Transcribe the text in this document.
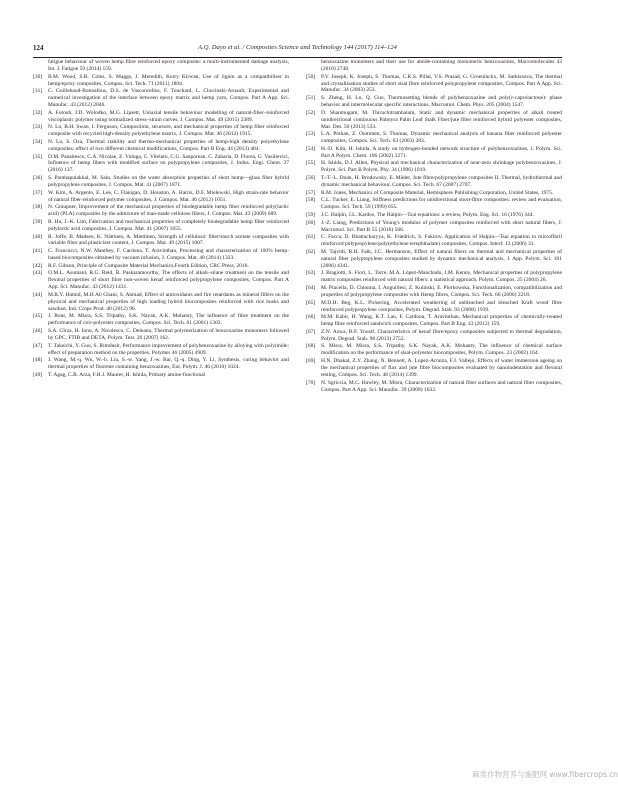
124	A.Q. Dayo et al. / Composites Science and Technology 144 (2017) 114–124
fatigue behaviour of woven hemp fibre reinforced epoxy composite: a multi-instrumented damage analysis, Int. J. Fatigue 59 (2014) 159.
[30]	B.M. Wood, S.R. Coles, S. Maggs, J. Meredith, Kerry Kirwan, Use of lignin as a compatibiliser in hemp/epoxy composites, Compos. Sci. Tech. 71 (2011) 1804.
[31]	C. Guillebaud-Bonnafous, D.S. de Vasconcellos, F. Touchard, L. Chocinski-Arnault, Experimental and numerical investigation of the interface between epoxy matrix and hemp yarn, Compos. Part A App. Sci. Manufac. 43 (2012) 2046.
[32]	A. Fotouh, J.D. Wolodko, M.G. Lipsett, Uniaxial tensile behaviour modelling of natural-fiber–reinforced viscoplastic polymer using normalized stress–strain curves, J. Compos. Mat. 49 (2015) 2389.
[33]	N. Lu, R.H. Swan, I. Ferguson, Composition, structure, and mechanical properties of hemp fiber reinforced composite with recycled high-density polyethylene matrix, J. Compos. Mat. 46 (2012) 1915.
[34]	N. Lu, S. Oza, Thermal stability and thermo-mechanical properties of hemp-high density polyethylene composites: effect of two different chemical modifications, Compos. Part B Eng. 44 (2013) 484.
[35]	D.M. Panaitescu, C.A. Nicolae, Z. Vuluga, C. Vitelaru, C.G. Sanporean, C. Zaharia, D. Florea, G. Vasilievici, Influence of hemp fibers with modified surface on polypropylene composites, J. Indus. Engi. Chem. 37 (2016) 137.
[36]	S. Panthapulakkal, M. Sain, Studies on the water absorption properties of short hemp—glass fiber hybrid polypropylene composites, J. Compos. Mat. 41 (2007) 1871.
[37]	W. Kim, A. Argento, E. Lee, C. Flanigan, D. Houston, A. Harris, D.F. Mielewski, High strain-rate behavior of natural fiber-reinforced polymer composites, J. Compos. Mat. 46 (2012) 1051.
[38]	N. Graupner, Improvement of the mechanical properties of biodegradable hemp fiber reinforced poly(lactic acid) (PLA) composites by the admixture of man-made cellulose fibers, J. Compos. Mat. 43 (2009) 689.
[39]	R. Hu, J.-K. Lim, Fabrication and mechanical properties of completely biodegradable hemp fiber reinforced polylactic acid composites, J. Compos. Mat. 41 (2007) 1655.
[40]	R. Joffe, B. Madsen, K. Nättinen, A. Miettinen, Strength of cellulosic fiber/starch acetate composites with variable fiber and plasticizer content, J. Compos. Mat. 49 (2015) 1007.
[41]	C. Francucci, N.W. Manthey, F. Cardona, T. Aravinthan, Processing and characterization of 100% hemp-based biocomposites obtained by vacuum infusion, J. Compos. Mat. 48 (2014) 1323.
[42]	R.F. Gibson, Principle of Composite Material Mechanics,Fourth Edition, CRC Press, 2016.
[43]	O.M.L. Asumani, R.G. Reid, R. Paskaramoorthy, The effects of alkali–silane treatment on the tensile and flexural properties of short fibre non-woven kenaf reinforced polypropylene composites, Compos. Part A App. Sci. Manufac. 43 (2012) 1431.
[44]	M.R.Y. Hamid, M.H Ab Ghani, S. Ahmad, Effect of antioxidants and fire retardants as mineral fillers on the physical and mechanical properties of high loading hybrid biocomposites reinforced with rice husks and sawdust, Ind. Crops Prod. 40 (2012) 96.
[45]	J. Rout, M. Misra, S.S. Tripathy, S.K. Nayak, A.K. Mohanty, The influence of fibre treatment on the performance of coir-polyester composites, Compos. Sci. Tech. 61 (2001) 1303.
[46]	S.A. Gîrza, H. Ionu, A. Nicolescu, C. Deleanu, Thermal polymerization of benzoxazine monomers followed by GPC, FTIR and DETA, Polym. Test. 26 (2007) 162.
[47]	T. Takeichi, Y. Guo, S. Rimdusit, Performance improvement of polybenzoxazine by alloying with polyimide: effect of preparation method on the properties, Polymer 46 (2005) 4909.
[48]	J. Wang, M.-q. Wu, W.-b. Liu, S.-w. Yang, J.-w. Bai, Q.-q. Ding, Y. Li, Synthesis, curing behavior and thermal properties of fluorene containing benzoxazines, Eur. Polym. J. 46 (2010) 1024.
[49]	T. Agag, C.R. Arza, F.H.J. Maurer, H. Ishida, Primary amine-functional
benzoxazine monomers and their use for amide-containing monomeric benzoxazines, Macromolecules 43 (2010) 2748.
[50]	P.V. Joseph, K. Joseph, S. Thomas, C.K.S. Pillai, V.S. Prasad, G. Groeninckx, M. Sarkissova, The thermal and crystallisation studies of short sisal fibre reinforced polypropylene composites, Compos. Part A App. Sci. Manufac. 34 (2003) 253.
[51]	S. Zheng, H. Lu, Q. Guo, Thermosetting blends of polybenzoxazine and poly(ε-caprolactone): phase behavior and intermolecular specific interactions, Macromol. Chem. Phys. 205 (2004) 1547.
[52]	D. Shanmugam, M. Thiruchitrambalam, Static and dynamic mechanical properties of alkali treated unidirectional continuous Palmyra Palm Leaf Stalk Fiber/jute fiber reinforced hybrid polyester composites, Mat. Des. 50 (2013) 533.
[53]	L.A. Pothan, Z. Oommen, S. Thomas, Dynamic mechanical analysis of banana fiber reinforced polyester composites, Compos. Sci. Tech. 63 (2003) 283.
[54]	H.-D. Kim, H. Ishida, A study on hydrogen-bonded network structure of polybenzoxazines, J. Polym. Sci. Part A Polym. Chem. 106 (2002) 3271.
[55]	H. Ishida, D.J. Allen, Physical and mechanical characterization of near-zero shrinkage polybenzoxazines, J. Polym. Sci. Part B Polym. Phy. 34 (1996) 1019.
[56]	T.-T.-L. Doan, H. Brodowsky, E. Mäder, Jute fibre/polypropylene composites II. Thermal, hydrothermal and dynamic mechanical behaviour, Compos. Sci. Tech. 67 (2007) 2707.
[57]	R.M. Jones, Mechanics of Composite Material, Hemisphere Publishing Corporation, United States, 1975.
[58]	C.L. Tucker, E. Liang, Stiffness predictions for unidirectional short-fibre composites: review and evaluation, Compos. Sci. Tech. 59 (1999) 655.
[59]	J.C. Halpin, J.L. Kardos, The Halpin—Tsai equations: a review, Polym. Eng. Sci. 16 (1976) 344.
[60]	J.-Z. Liang, Predictions of Young's modulus of polymer composites reinforced with short natural fibers, J. Macromol. Sci. Part B 55 (2016) 566.
[61]	C. Facca, D. Bhattacharyya, K. Friedrich, S. Fakirov, Application of Halpin—Tsai equation to microfibril reinforced polypropylene/poly(ethylene terephthalate) composites, Compos. Interf. 13 (2006) 31.
[62]	M. Tajvidi, R.H. Falk, J.C. Hermanson, Effect of natural fibers on thermal and mechanical properties of natural fiber polypropylene composites studied by dynamic mechanical analysis, J. App. Polym. Sci. 101 (2006) 4341.
[63]	J. Biagiotti, S. Fiori, L. Torre, M.A. López-Manchado, J.M. Kenny, Mechanical properties of polypropylene matrix composites reinforced with natural fibers: a statistical approach, Polym. Compos. 25 (2004) 26.
[64]	M. Pracella, D. Chionna, I. Anguillesi, Z. Kulinski, E. Piorkowska, Functionalization, compatibilization and properties of polypropylene composites with Hemp fibres, Compos. Sci. Tech. 66 (2006) 2218.
[65]	M.D.H. Beg, K.L. Pickering, Accelerated weathering of unbleached and bleached Kraft wood fibre reinforced polypropylene composites, Polym. Degrad. Stab. 93 (2008) 1939.
[66]	M.M. Kabir, H. Wang, K.T. Lau, F. Cardona, T. Aravinthan, Mechanical properties of chemically-treated hemp fibre reinforced sandwich composites, Compos. Part B Eng. 43 (2012) 159.
[67]	Z.N. Azwa, B.F. Yousif, Characteristics of kenaf fibre/epoxy composites subjected to thermal degradation, Polym. Degrad. Stab. 98 (2013) 2752.
[68]	S. Misra, M. Misra, S.S. Tripathy, S.K. Nayak, A.K. Mohanty, The influence of chemical surface modification on the performance of sisal-polyester biocomposites, Polym. Compos. 23 (2002) 164.
[69]	H.N. Dhakal, Z.Y. Zhang, N. Bennett, A. Lopez-Arraiza, F.J. Vallejo, Effects of water immersion ageing on the mechanical properties of flax and jute fibre biocomposites evaluated by nanoindentation and flexural testing, Compos. Sci. Tech. 48 (2014) 1399.
[70]	N. Sgriccia, M.C. Hawley, M. Misra, Characterization of natural fiber surfaces and natural fiber composites, Compos. Part A App. Sci. Manufac. 39 (2008) 1632.
麻类作物营养与施肥网 www.fibercrops.cn
